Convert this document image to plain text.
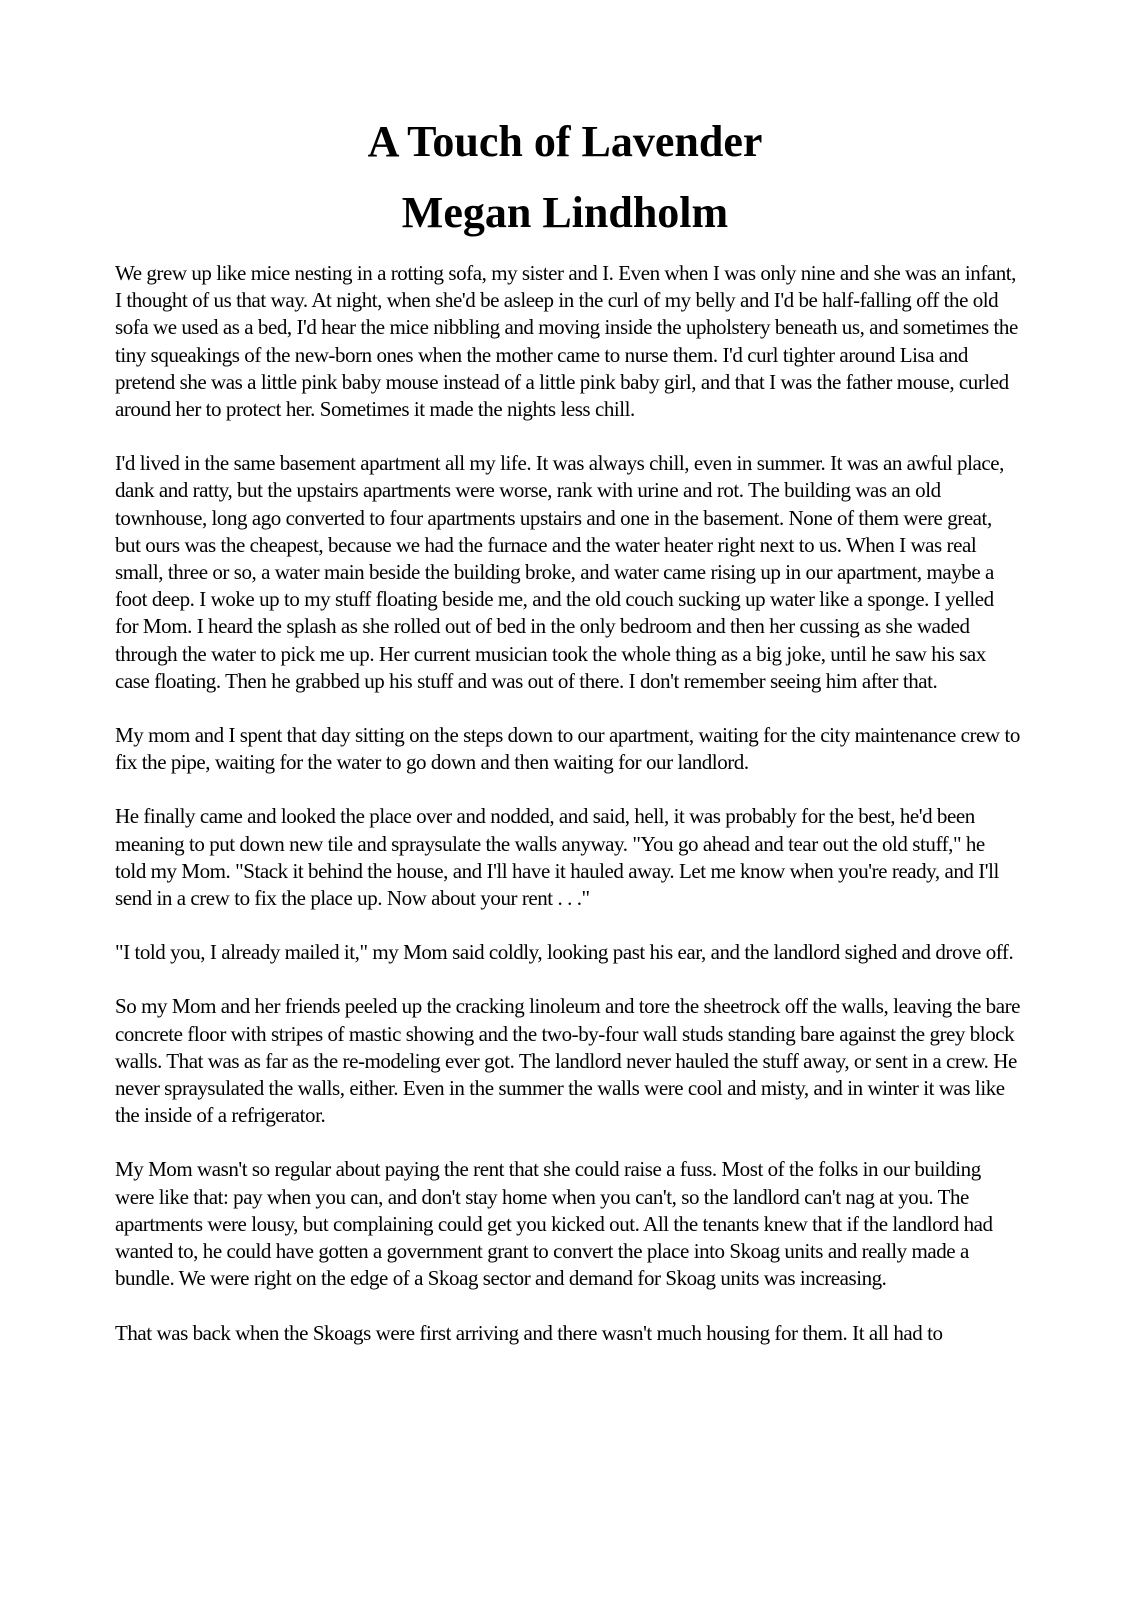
A Touch of Lavender
Megan Lindholm

We grew up like mice nesting in a rotting sofa, my sister and I. Even when I was only nine and she was an infant, I thought of us that way. At night, when she'd be asleep in the curl of my belly and I'd be half-falling off the old sofa we used as a bed, I'd hear the mice nibbling and moving inside the upholstery beneath us, and sometimes the tiny squeakings of the new-born ones when the mother came to nurse them. I'd curl tighter around Lisa and pretend she was a little pink baby mouse instead of a little pink baby girl, and that I was the father mouse, curled around her to protect her. Sometimes it made the nights less chill.

I'd lived in the same basement apartment all my life. It was always chill, even in summer. It was an awful place, dank and ratty, but the upstairs apartments were worse, rank with urine and rot. The building was an old townhouse, long ago converted to four apartments upstairs and one in the basement. None of them were great, but ours was the cheapest, because we had the furnace and the water heater right next to us. When I was real small, three or so, a water main beside the building broke, and water came rising up in our apartment, maybe a foot deep. I woke up to my stuff floating beside me, and the old couch sucking up water like a sponge. I yelled for Mom. I heard the splash as she rolled out of bed in the only bedroom and then her cussing as she waded through the water to pick me up. Her current musician took the whole thing as a big joke, until he saw his sax case floating. Then he grabbed up his stuff and was out of there. I don't remember seeing him after that.

My mom and I spent that day sitting on the steps down to our apartment, waiting for the city maintenance crew to fix the pipe, waiting for the water to go down and then waiting for our landlord.

He finally came and looked the place over and nodded, and said, hell, it was probably for the best, he'd been meaning to put down new tile and spraysulate the walls anyway. "You go ahead and tear out the old stuff," he told my Mom. "Stack it behind the house, and I'll have it hauled away. Let me know when you're ready, and I'll send in a crew to fix the place up. Now about your rent . . ."

"I told you, I already mailed it," my Mom said coldly, looking past his ear, and the landlord sighed and drove off.

So my Mom and her friends peeled up the cracking linoleum and tore the sheetrock off the walls, leaving the bare concrete floor with stripes of mastic showing and the two-by-four wall studs standing bare against the grey block walls. That was as far as the re-modeling ever got. The landlord never hauled the stuff away, or sent in a crew. He never spraysulated the walls, either. Even in the summer the walls were cool and misty, and in winter it was like the inside of a refrigerator.

My Mom wasn't so regular about paying the rent that she could raise a fuss. Most of the folks in our building were like that: pay when you can, and don't stay home when you can't, so the landlord can't nag at you. The apartments were lousy, but complaining could get you kicked out. All the tenants knew that if the landlord had wanted to, he could have gotten a government grant to convert the place into Skoag units and really made a bundle. We were right on the edge of a Skoag sector and demand for Skoag units was increasing.

That was back when the Skoags were first arriving and there wasn't much housing for them. It all had to
